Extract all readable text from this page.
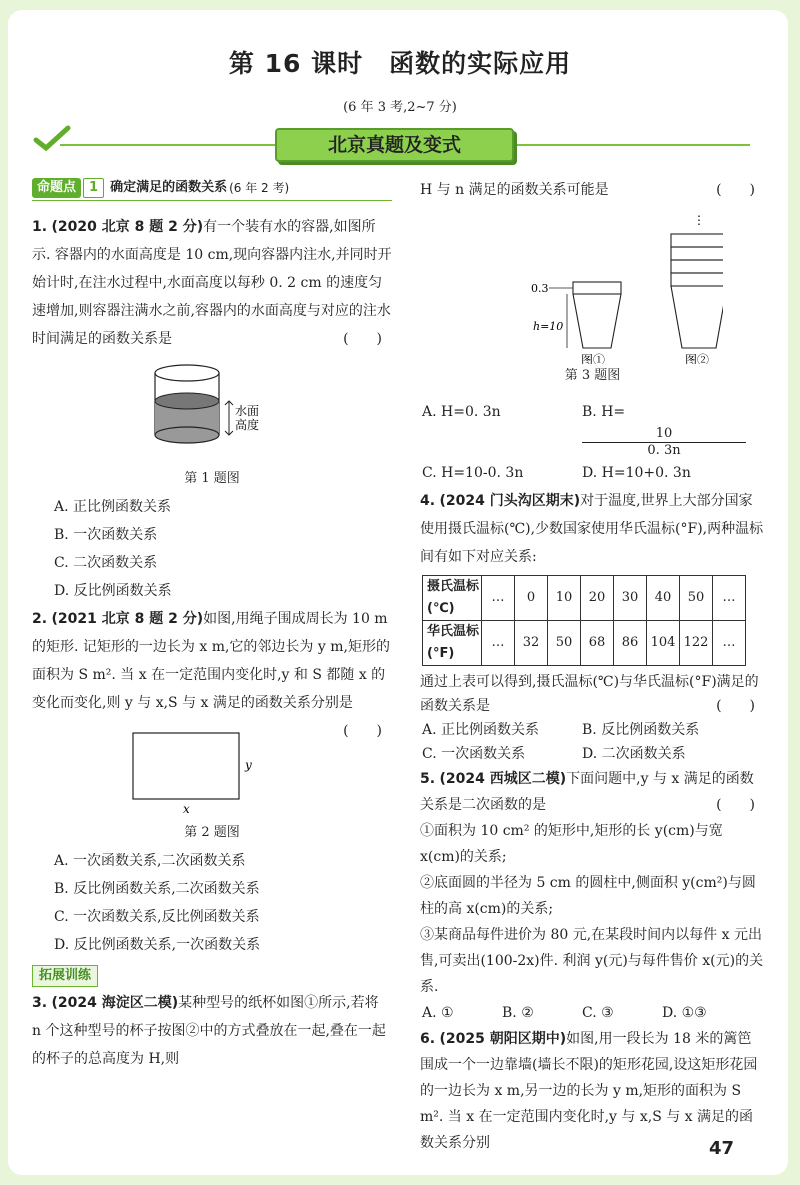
第 16 课时　函数的实际应用
(6 年 3 考,2~7 分)
北京真题及变式
命题点	1 确定满足的函数关系 (6 年 2 考)
1. (2020 北京 8 题 2 分)有一个装有水的容器,如图所示. 容器内的水面高度是 10 cm,现向容器内注水,并同时开始计时,在注水过程中,水面高度以每秒 0. 2 cm 的速度匀速增加,则容器注满水之前,容器内的水面高度与对应的注水时间满足的函数关系是	(　　)
水面
高度
第 1 题图
A. 正比例函数关系
B. 一次函数关系
C. 二次函数关系
D. 反比例函数关系
2. (2021 北京 8 题 2 分)如图,用绳子围成周长为 10 m 的矩形. 记矩形的一边长为 x m,它的邻边长为 y m,矩形的面积为 S m². 当 x 在一定范围内变化时,y 和 S 都随 x 的变化而变化,则 y 与 x,S 与 x 满足的函数关系分别是
(　　)
y
x
第 2 题图
A. 一次函数关系,二次函数关系
B. 反比例函数关系,二次函数关系
C. 一次函数关系,反比例函数关系
D. 反比例函数关系,一次函数关系
拓展训练
3. (2024 海淀区二模)某种型号的纸杯如图①所示,若将 n 个这种型号的杯子按图②中的方式叠放在一起,叠在一起的杯子的总高度为 H,则
H 与 n 满足的函数关系可能是	(　　)
0.3
h=10
图①
⋮
图②
第 3 题图
A. H=0. 3n	B. H=
$\frac{10}{0. 3n}$
C. H=10-0. 3n	D. H=10+0. 3n
4. (2024 门头沟区期末)对于温度,世界上大部分国家使用摄氏温标(℃),少数国家使用华氏温标(°F),两种温标间有如下对应关系:
摄氏温标(℃)	…	0	10	20	30	40	50	…
华氏温标(°F)	…	32	50	68	86	104	122	…
通过上表可以得到,摄氏温标(℃)与华氏温标(°F)满足的函数关系是	(　　)
A. 正比例函数关系	B. 反比例函数关系
C. 一次函数关系	D. 二次函数关系
5. (2024 西城区二模)下面问题中,y 与 x 满足的函数关系是二次函数的是	(　　)
①面积为 10 cm² 的矩形中,矩形的长 y(cm)与宽 x(cm)的关系;
②底面圆的半径为 5 cm 的圆柱中,侧面积 y(cm²)与圆柱的高 x(cm)的关系;
③某商品每件进价为 80 元,在某段时间内以每件 x 元出售,可卖出(100-2x)件. 利润 y(元)与每件售价 x(元)的关系.
A. ①	B. ②	C. ③	D. ①③
6. (2025 朝阳区期中)如图,用一段长为 18 米的篱笆围成一个一边靠墙(墙长不限)的矩形花园,设这矩形花园的一边长为 x m,另一边的长为 y m,矩形的面积为 S m². 当 x 在一定范围内变化时,y 与 x,S 与 x 满足的函数关系分别	47
